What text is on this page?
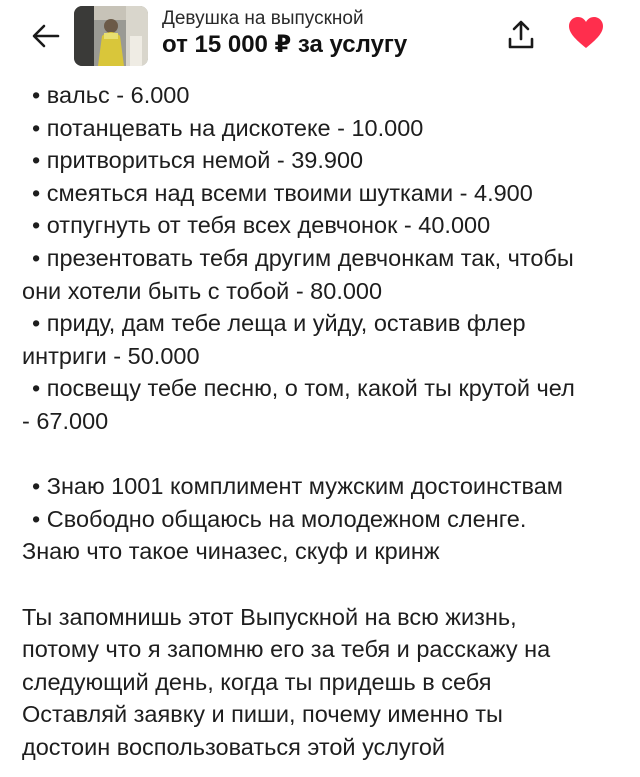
Девушка на выпускной
от 15 000 ₽ за услугу
• вальс - 6.000
• потанцевать на дискотеке - 10.000
• притвориться немой - 39.900
• смеяться над всеми твоими шутками - 4.900
• отпугнуть от тебя всех девчонок - 40.000
• презентовать тебя другим девчонкам так, чтобы
они хотели быть с тобой - 80.000
• приду, дам тебе леща и уйду, оставив флер
интриги - 50.000
• посвещу тебе песню, о том, какой ты крутой чел
- 67.000
• Знаю 1001 комплимент мужским достоинствам
• Свободно общаюсь на молодежном сленге.
Знаю что такое чиназес, скуф и кринж
Ты запомнишь этот Выпускной на всю жизнь,
потому что я запомню его за тебя и расскажу на
следующий день, когда ты придешь в себя
Оставляй заявку и пиши, почему именно ты
достоин воспользоваться этой услугой
